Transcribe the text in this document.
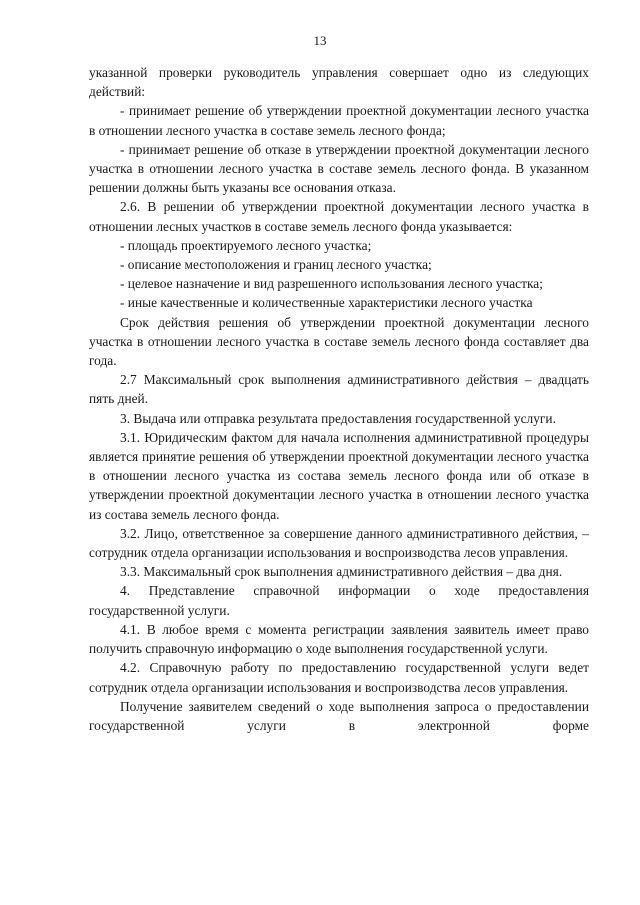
13

указанной проверки руководитель управления совершает одно из следующих действий:

- принимает решение об утверждении проектной документации лесного участка в отношении лесного участка в составе земель лесного фонда;

- принимает решение об отказе в утверждении проектной документации лесного участка в отношении лесного участка в составе земель лесного фонда. В указанном решении должны быть указаны все основания отказа.

2.6. В решении об утверждении проектной документации лесного участка в отношении лесных участков в составе земель лесного фонда указывается:

- площадь проектируемого лесного участка;

- описание местоположения и границ лесного участка;

- целевое назначение и вид разрешенного использования лесного участка;

- иные качественные и количественные характеристики лесного участка

Срок действия решения об утверждении проектной документации лесного участка в отношении лесного участка в составе земель лесного фонда составляет два года.

2.7 Максимальный срок выполнения административного действия – двадцать пять дней.

3. Выдача или отправка результата предоставления государственной услуги.

3.1. Юридическим фактом для начала исполнения административной процедуры является принятие решения об утверждении проектной документации лесного участка в отношении лесного участка из состава земель лесного фонда или об отказе в утверждении проектной документации лесного участка в отношении лесного участка из состава земель лесного фонда.

3.2. Лицо, ответственное за совершение данного административного действия, – сотрудник отдела организации использования и воспроизводства лесов управления.

3.3. Максимальный срок выполнения административного действия – два дня.

4. Представление справочной информации о ходе предоставления государственной услуги.

4.1. В любое время с момента регистрации заявления заявитель имеет право получить справочную информацию о ходе выполнения государственной услуги.

4.2. Справочную работу по предоставлению государственной услуги ведет сотрудник отдела организации использования и воспроизводства лесов управления.

Получение заявителем сведений о ходе выполнения запроса о предоставлении государственной услуги в электронной форме
